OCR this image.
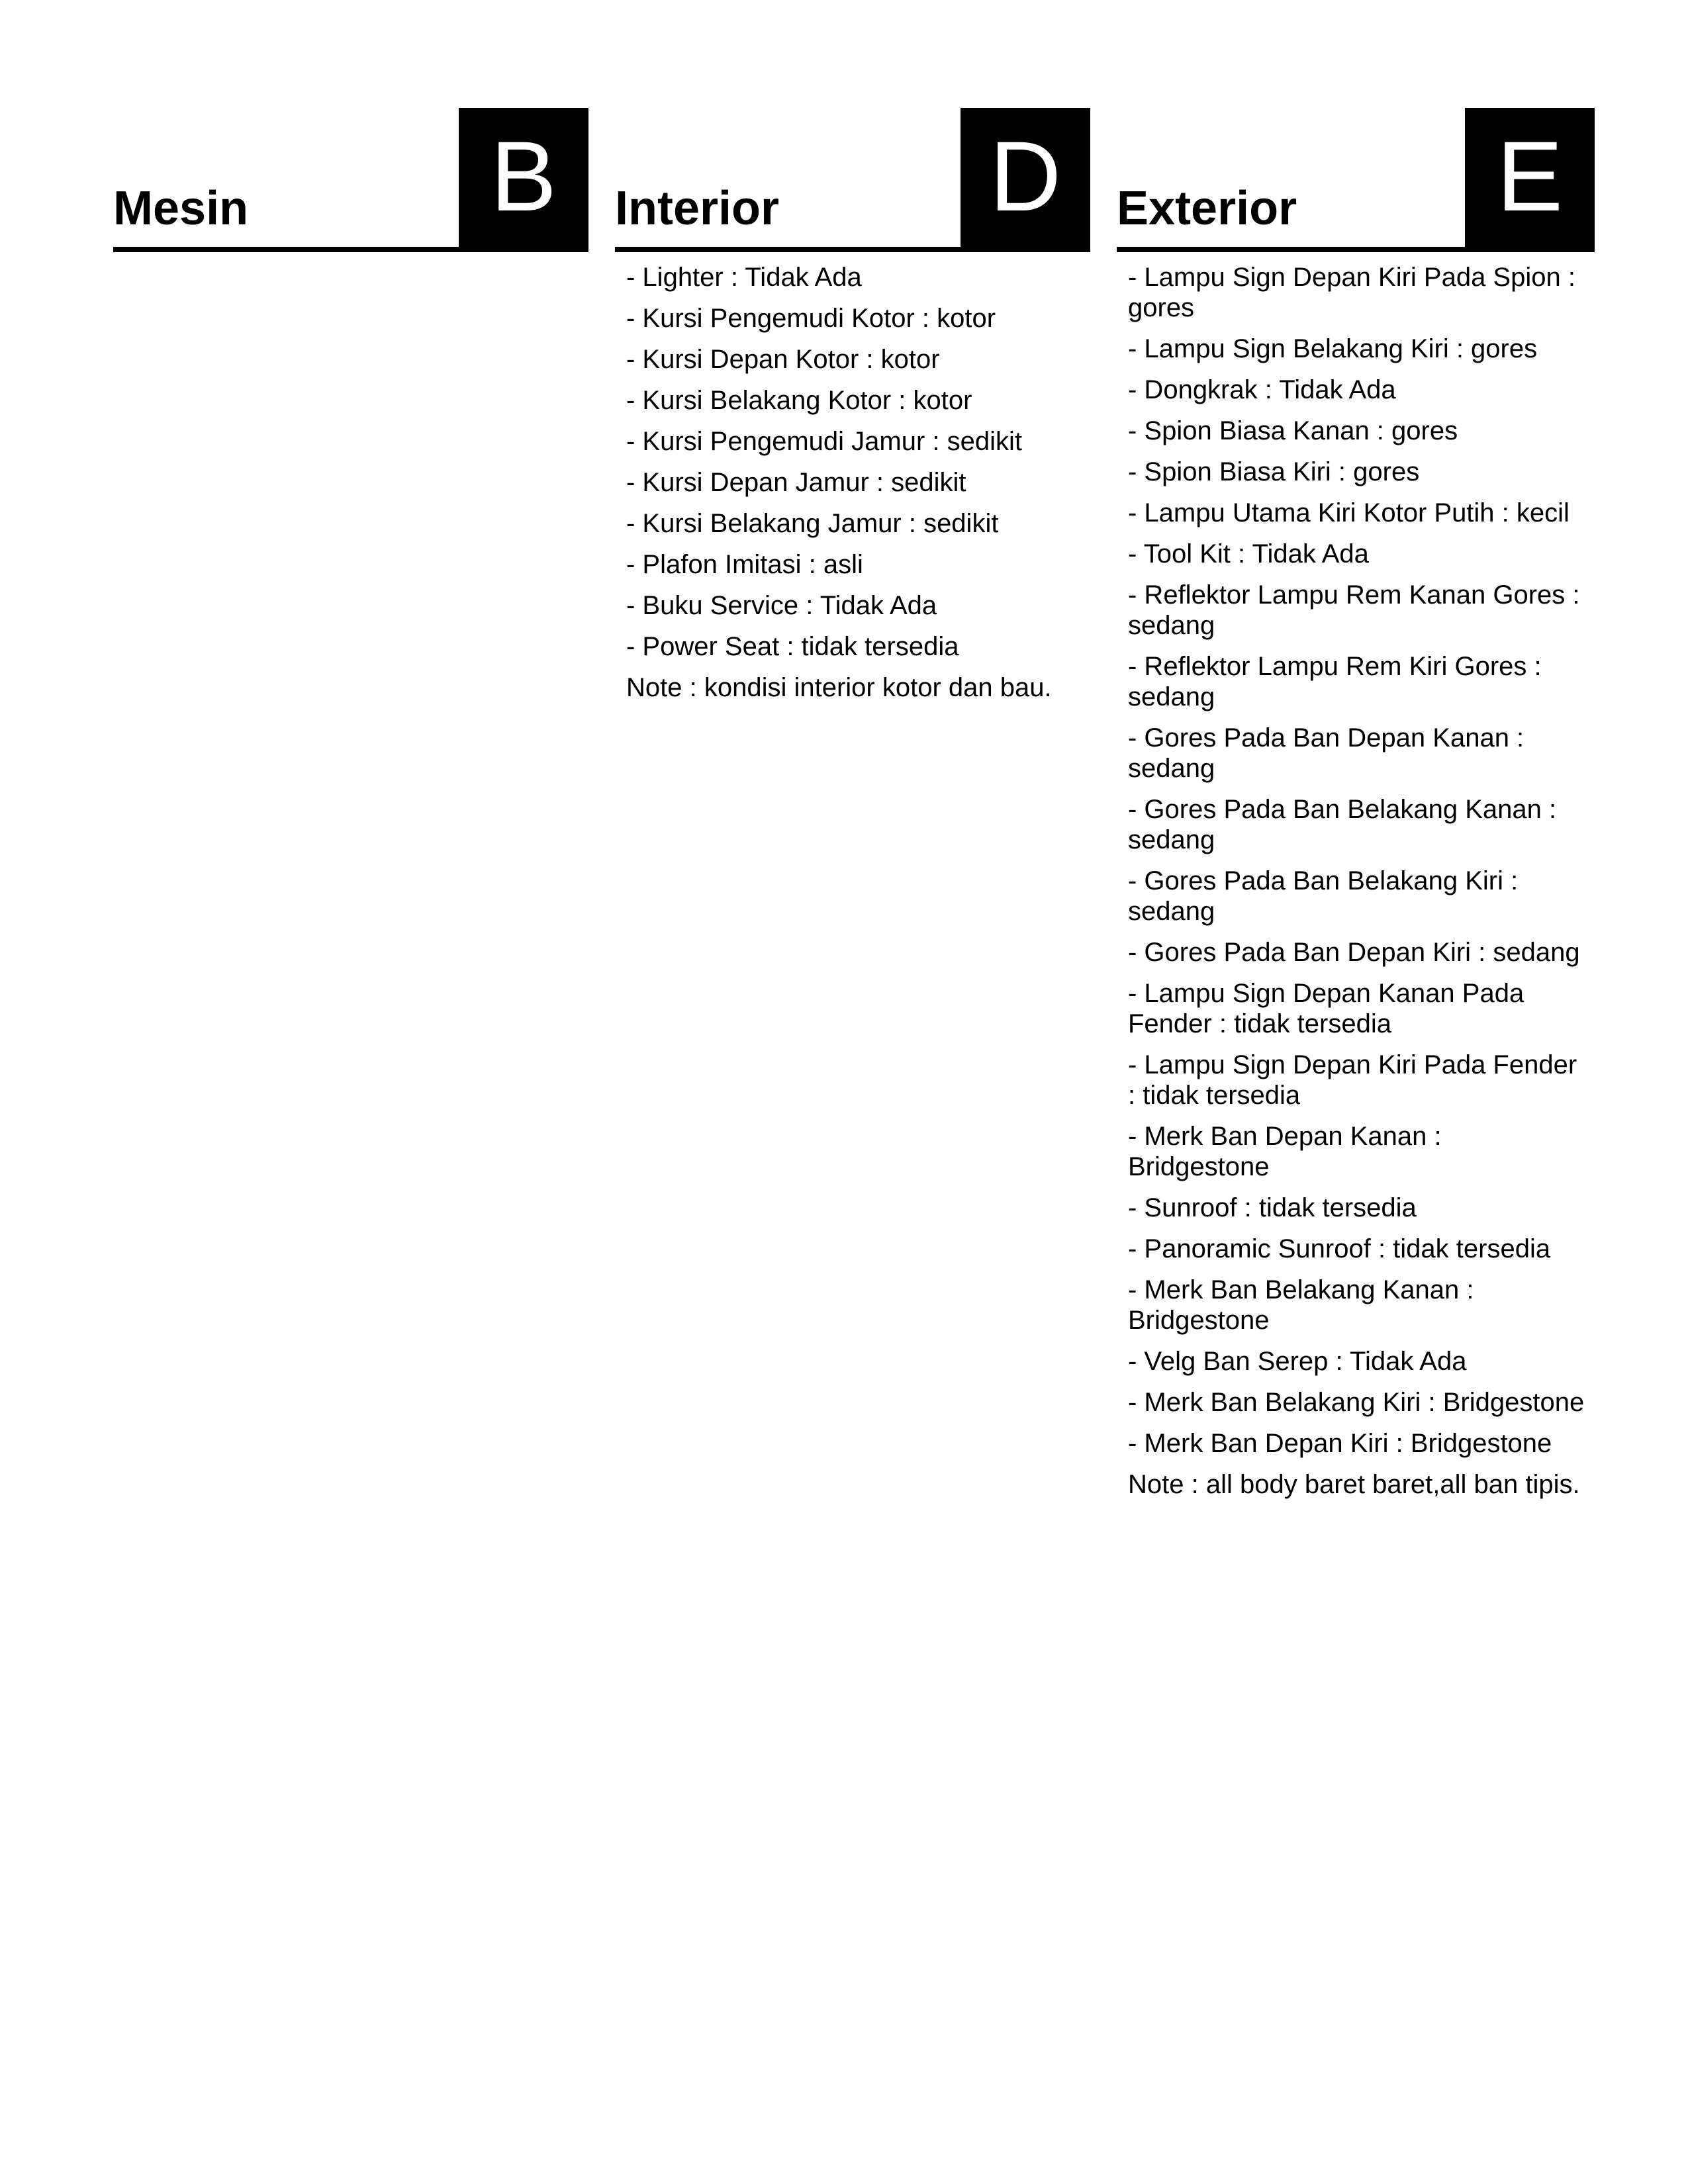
Mesin	B	Interior D
- Lighter : Tidak Ada
- Kursi Pengemudi Kotor : kotor
- Kursi Depan Kotor : kotor
- Kursi Belakang Kotor : kotor
- Kursi Pengemudi Jamur : sedikit
- Kursi Depan Jamur : sedikit
- Kursi Belakang Jamur : sedikit
- Plafon Imitasi : asli
- Buku Service : Tidak Ada
- Power Seat : tidak tersedia

Note : kondisi interior kotor dan bau.

Exterior	E
- Lampu Sign Depan Kiri Pada Spion : gores
- Lampu Sign Belakang Kiri : gores
- Dongkrak : Tidak Ada
- Spion Biasa Kanan : gores
- Spion Biasa Kiri : gores
- Lampu Utama Kiri Kotor Putih : kecil
- Tool Kit : Tidak Ada
- Reflektor Lampu Rem Kanan Gores : sedang
- Reflektor Lampu Rem Kiri Gores : sedang
- Gores Pada Ban Depan Kanan : sedang
- Gores Pada Ban Belakang Kanan : sedang
- Gores Pada Ban Belakang Kiri : sedang
- Gores Pada Ban Depan Kiri : sedang
- Lampu Sign Depan Kanan Pada Fender : tidak tersedia
- Lampu Sign Depan Kiri Pada Fender : tidak tersedia
- Merk Ban Depan Kanan : Bridgestone
- Sunroof : tidak tersedia
- Panoramic Sunroof : tidak tersedia
- Merk Ban Belakang Kanan : Bridgestone
- Velg Ban Serep : Tidak Ada
- Merk Ban Belakang Kiri : Bridgestone
- Merk Ban Depan Kiri : Bridgestone

Note : all body baret baret,all ban tipis.
